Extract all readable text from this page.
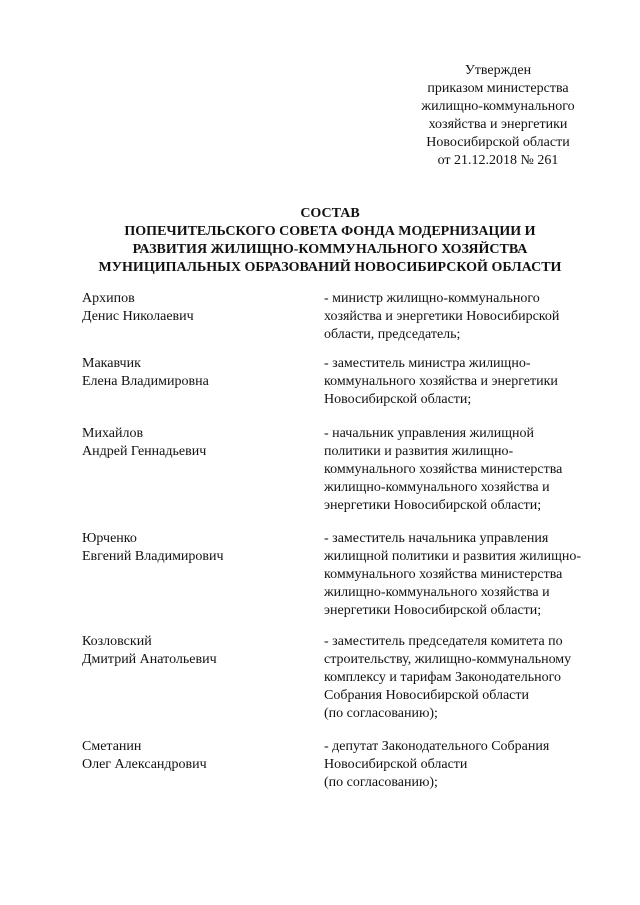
Утвержден
приказом министерства
жилищно-коммунального
хозяйства и энергетики
Новосибирской области
от 21.12.2018 № 261
СОСТАВ
ПОПЕЧИТЕЛЬСКОГО СОВЕТА ФОНДА МОДЕРНИЗАЦИИ И
РАЗВИТИЯ ЖИЛИЩНО-КОММУНАЛЬНОГО ХОЗЯЙСТВА
МУНИЦИПАЛЬНЫХ ОБРАЗОВАНИЙ НОВОСИБИРСКОЙ ОБЛАСТИ
Архипов
Денис Николаевич
- министр жилищно-коммунального
хозяйства и энергетики Новосибирской
области, председатель;
Макавчик
Елена Владимировна
- заместитель министра жилищно-
коммунального хозяйства и энергетики
Новосибирской области;
Михайлов
Андрей Геннадьевич
- начальник управления жилищной
политики и развития жилищно-
коммунального хозяйства министерства
жилищно-коммунального хозяйства и
энергетики Новосибирской области;
Юрченко
Евгений Владимирович
- заместитель начальника управления
жилищной политики и развития жилищно-
коммунального хозяйства министерства
жилищно-коммунального хозяйства и
энергетики Новосибирской области;
Козловский
Дмитрий Анатольевич
- заместитель председателя комитета по
строительству, жилищно-коммунальному
комплексу и тарифам Законодательного
Собрания Новосибирской области
(по согласованию);
Сметанин
Олег Александрович
- депутат Законодательного Собрания
Новосибирской области
(по согласованию);
